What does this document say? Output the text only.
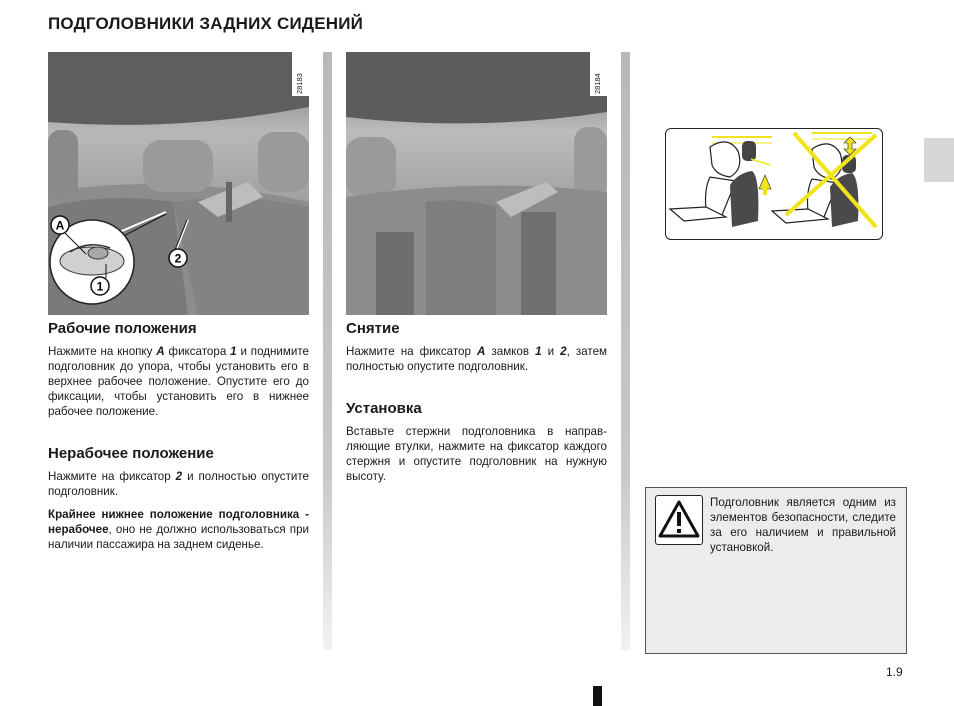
ПОДГОЛОВНИКИ ЗАДНИХ СИДЕНИЙ
A
2
1
28183
Рабочие положения

Нажмите на кнопку A фиксатора 1 и поднимите подголовник до упора, чтобы установить его в верхнее рабочее положение. Опустите его до фиксации, чтобы установить его в нижнее рабочее положение.

Нерабочее положение

Нажмите на фиксатор 2 и полностью опустите подголовник.

Крайнее нижнее положение подголовника - нерабочее, оно не должно использоваться при наличии пассажира на заднем сиденье.

28184
Снятие

Нажмите на фиксатор A замков 1 и 2, затем полностью опустите подголовник.

Установка

Вставьте стержни подголовника в направляющие втулки, нажмите на фиксатор каждого стержня и опустите подголовник на нужную высоту.

Подголовник является одним из элементов безопасности, следите за его наличием и правильной установкой.

1.9
